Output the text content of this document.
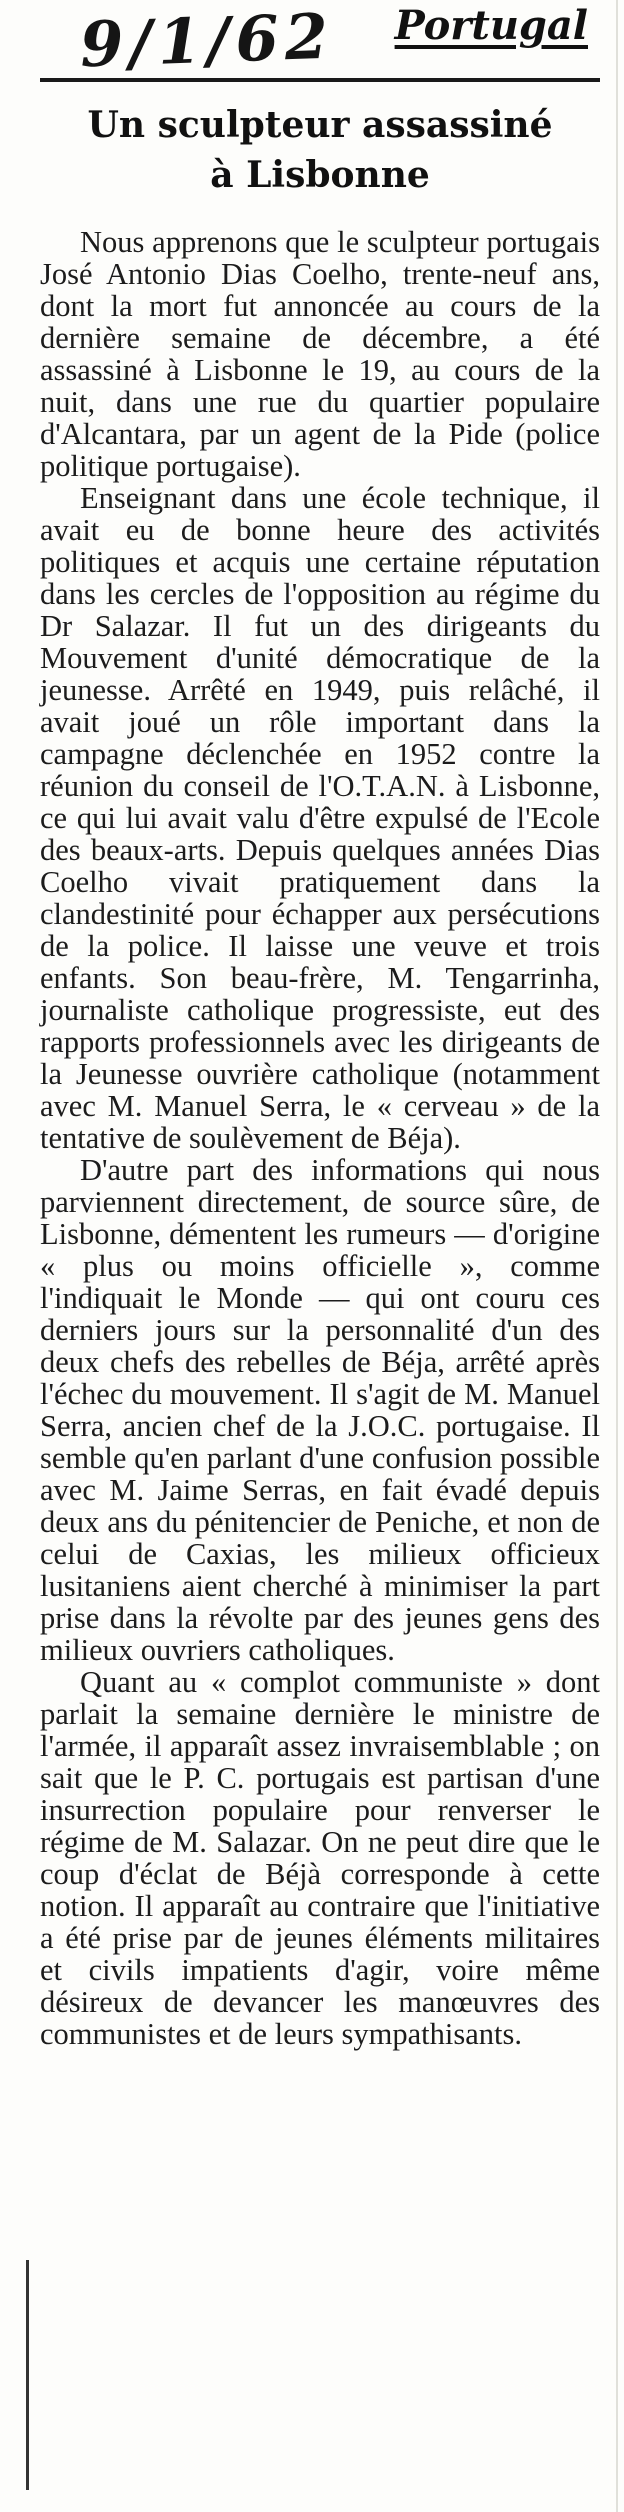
9/1/62 Portugal
Un sculpteur assassiné
à Lisbonne

Nous apprenons que le sculpteur portugais José Antonio Dias Coelho, trente-neuf ans, dont la mort fut annoncée au cours de la dernière semaine de décembre, a été assassiné à Lisbonne le 19, au cours de la nuit, dans une rue du quartier populaire d'Alcantara, par un agent de la Pide (police politique portugaise).

Enseignant dans une école technique, il avait eu de bonne heure des activités politiques et acquis une certaine réputation dans les cercles de l'opposition au régime du Dr Salazar. Il fut un des dirigeants du Mouvement d'unité démocratique de la jeunesse. Arrêté en 1949, puis relâché, il avait joué un rôle important dans la campagne déclenchée en 1952 contre la réunion du conseil de l'O.T.A.N. à Lisbonne, ce qui lui avait valu d'être expulsé de l'Ecole des beaux-arts. Depuis quelques années Dias Coelho vivait pratiquement dans la clandestinité pour échapper aux persécutions de la police. Il laisse une veuve et trois enfants. Son beau-frère, M. Tengarrinha, journaliste catholique progressiste, eut des rapports professionnels avec les dirigeants de la Jeunesse ouvrière catholique (notamment avec M. Manuel Serra, le « cerveau » de la tentative de soulèvement de Béja).

D'autre part des informations qui nous parviennent directement, de source sûre, de Lisbonne, démentent les rumeurs — d'origine « plus ou moins officielle », comme l'indiquait le Monde — qui ont couru ces derniers jours sur la personnalité d'un des deux chefs des rebelles de Béja, arrêté après l'échec du mouvement. Il s'agit de M. Manuel Serra, ancien chef de la J.O.C. portugaise. Il semble qu'en parlant d'une confusion possible avec M. Jaime Serras, en fait évadé depuis deux ans du pénitencier de Peniche, et non de celui de Caxias, les milieux officieux lusitaniens aient cherché à minimiser la part prise dans la révolte par des jeunes gens des milieux ouvriers catholiques.

Quant au « complot communiste » dont parlait la semaine dernière le ministre de l'armée, il apparaît assez invraisemblable ; on sait que le P. C. portugais est partisan d'une insurrection populaire pour renverser le régime de M. Salazar. On ne peut dire que le coup d'éclat de Béjà corresponde à cette notion. Il apparaît au contraire que l'initiative a été prise par de jeunes éléments militaires et civils impatients d'agir, voire même désireux de devancer les manœuvres des communistes et de leurs sympathisants.
